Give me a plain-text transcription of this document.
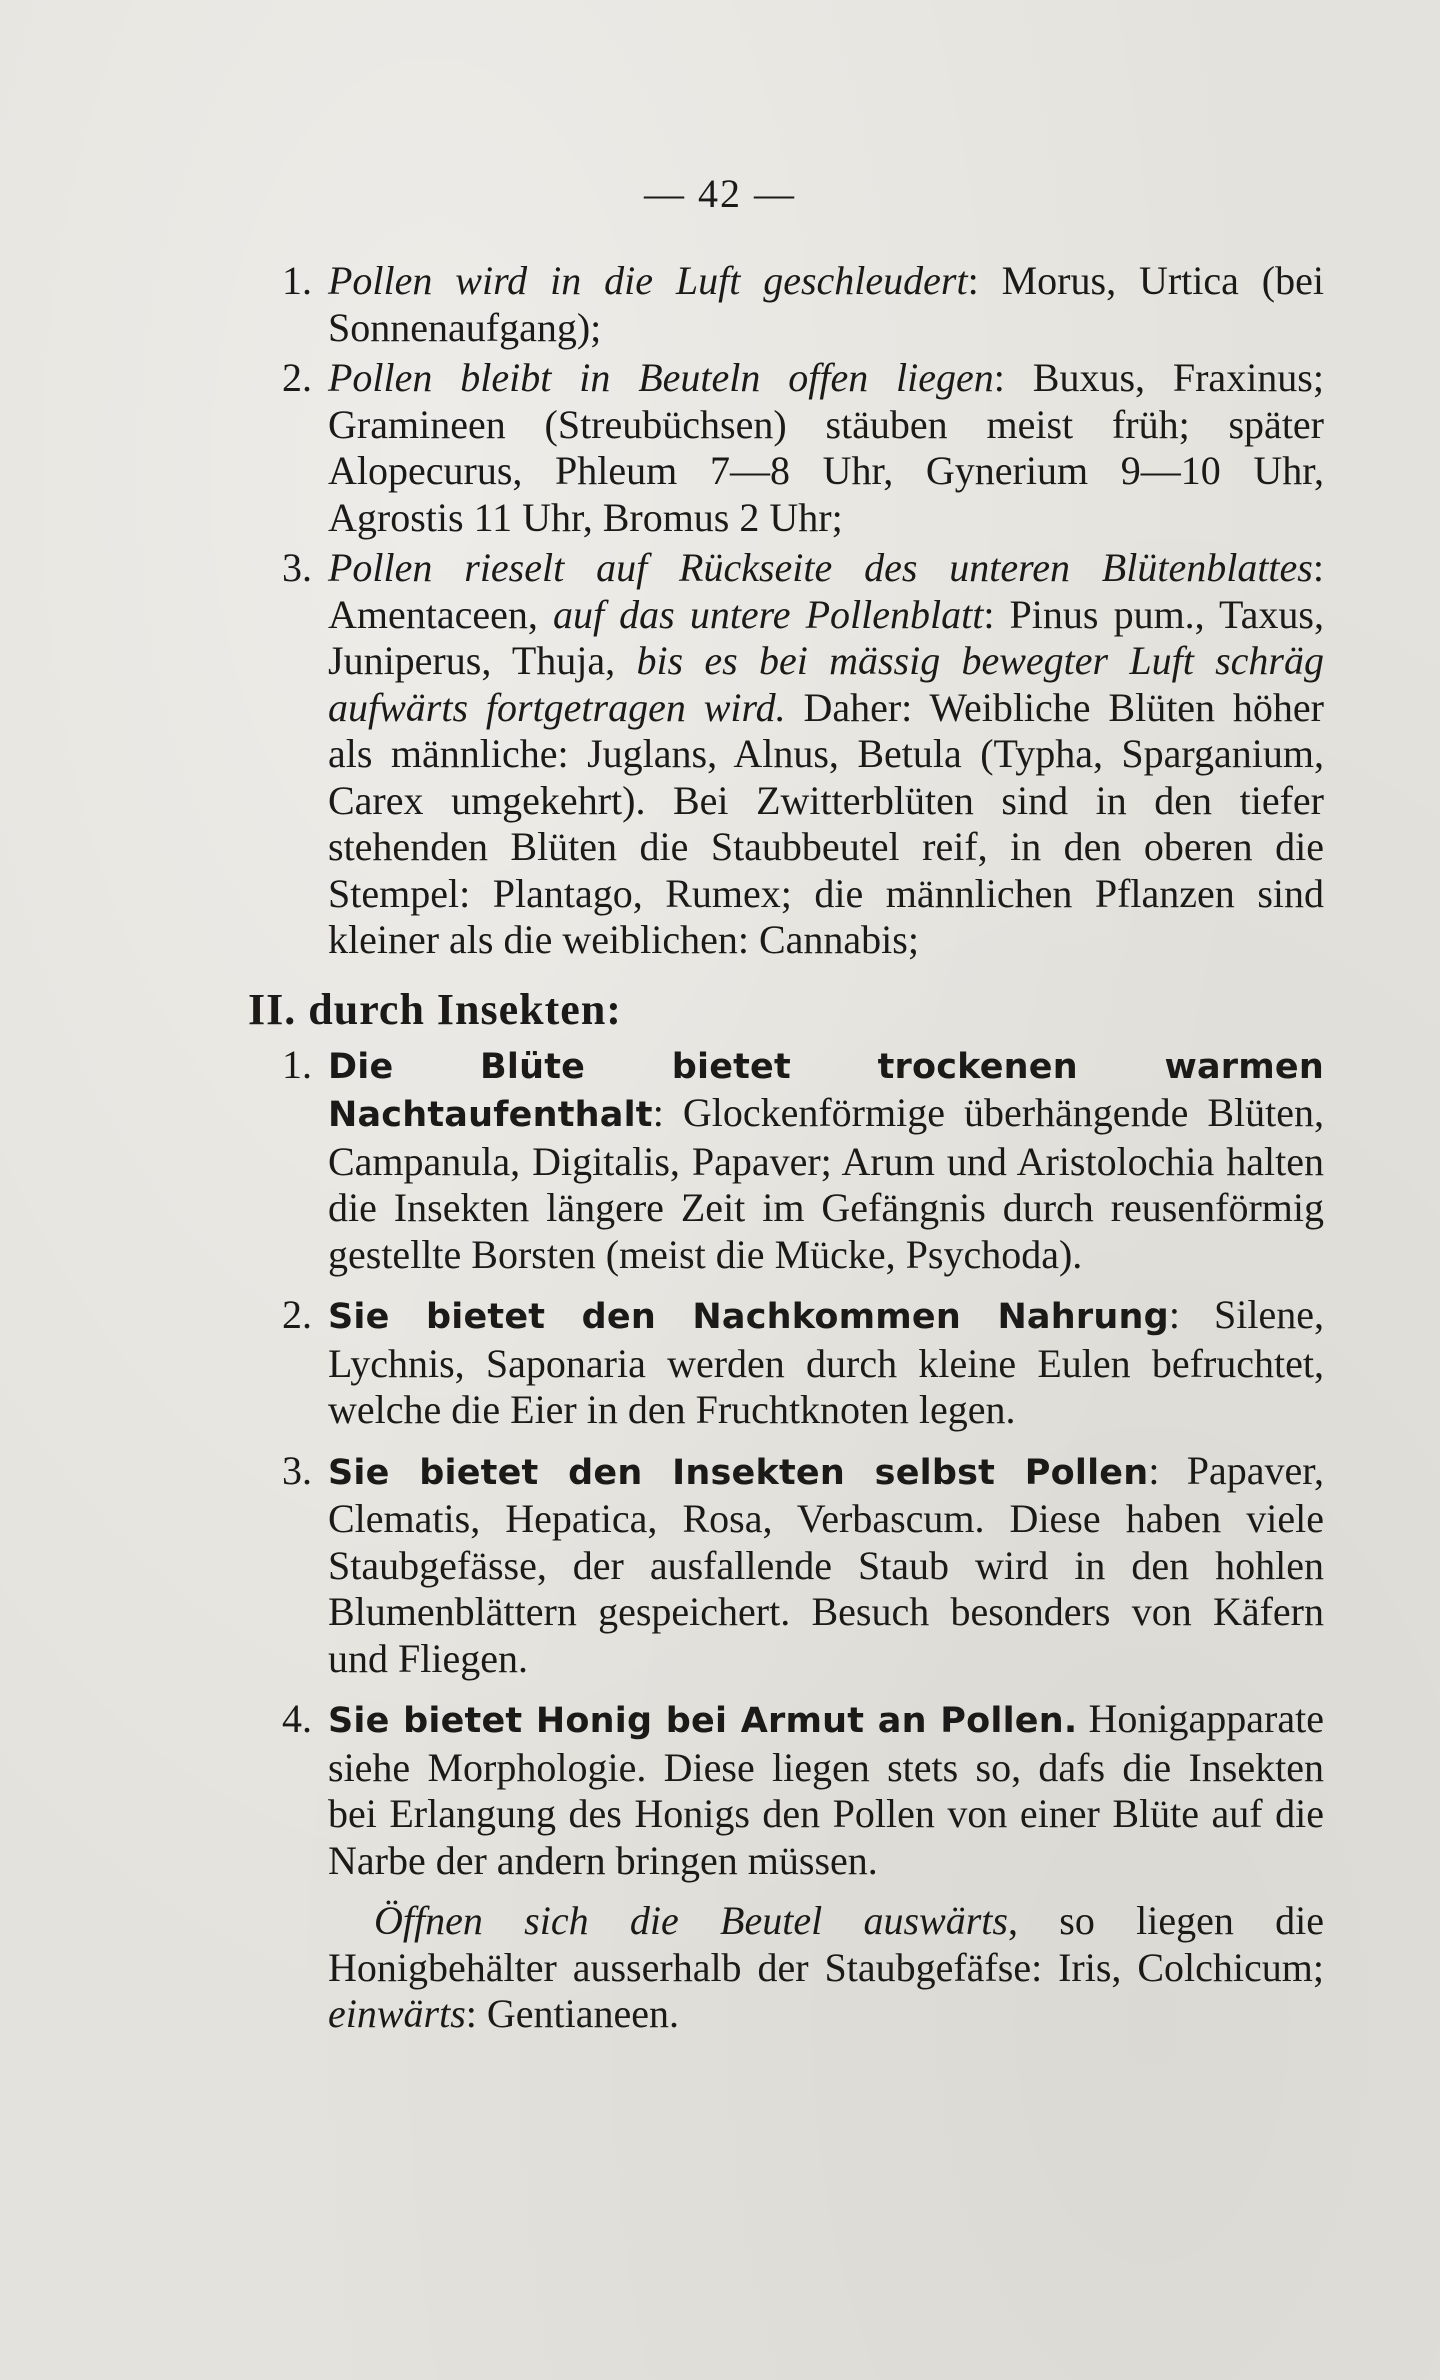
— 42 —
1. Pollen wird in die Luft geschleudert: Morus, Urtica (bei Sonnenaufgang);

2. Pollen bleibt in Beuteln offen liegen: Buxus, Fraxinus; Gramineen (Streubüchsen) stäuben meist früh; später Alopecurus, Phleum 7—8 Uhr, Gynerium 9—10 Uhr, Agrostis 11 Uhr, Bromus 2 Uhr;

3. Pollen rieselt auf Rückseite des unteren Blütenblattes: Amentaceen, auf das untere Pollenblatt: Pinus pum., Taxus, Juniperus, Thuja, bis es bei mässig bewegter Luft schräg aufwärts fortgetragen wird. Daher: Weibliche Blüten höher als männliche: Juglans, Alnus, Betula (Typha, Sparganium, Carex umgekehrt). Bei Zwitterblüten sind in den tiefer stehenden Blüten die Staubbeutel reif, in den oberen die Stempel: Plantago, Rumex; die männlichen Pflanzen sind kleiner als die weiblichen: Cannabis;

II. durch Insekten:
1. Die Blüte bietet trockenen warmen Nachtaufenthalt: Glockenförmige überhängende Blüten, Campanula, Digitalis, Papaver; Arum und Aristolochia halten die Insekten längere Zeit im Gefängnis durch reusenförmig gestellte Borsten (meist die Mücke, Psychoda).

2. Sie bietet den Nachkommen Nahrung: Silene, Lychnis, Saponaria werden durch kleine Eulen befruchtet, welche die Eier in den Fruchtknoten legen.

3. Sie bietet den Insekten selbst Pollen: Papaver, Clematis, Hepatica, Rosa, Verbascum. Diese haben viele Staubgefässe, der ausfallende Staub wird in den hohlen Blumenblättern gespeichert. Besuch besonders von Käfern und Fliegen.

4. Sie bietet Honig bei Armut an Pollen. Honigapparate siehe Morphologie. Diese liegen stets so, dafs die Insekten bei Erlangung des Honigs den Pollen von einer Blüte auf die Narbe der andern bringen müssen.

Öffnen sich die Beutel auswärts, so liegen die Honigbehälter ausserhalb der Staubgefäfse: Iris, Colchicum; einwärts: Gentianeen.
